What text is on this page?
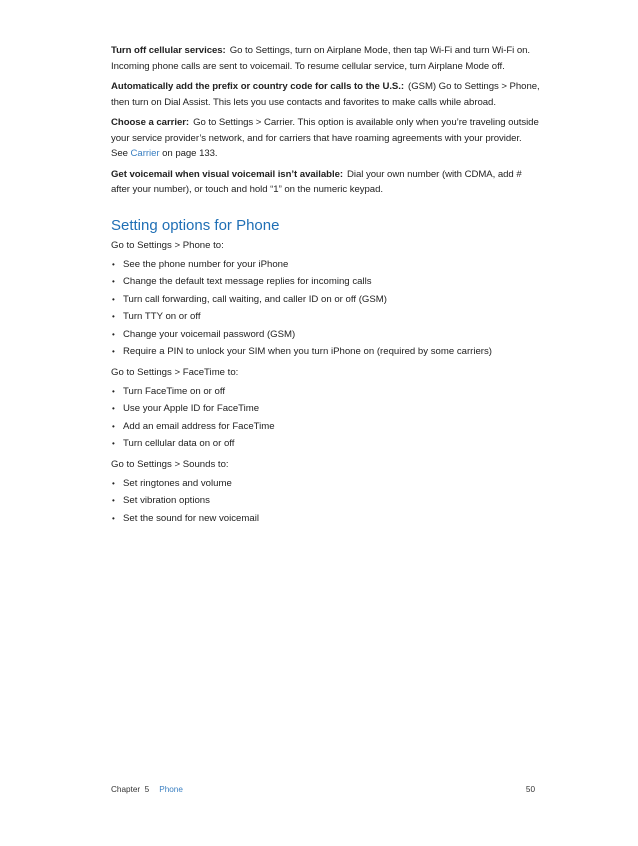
Turn off cellular services: Go to Settings, turn on Airplane Mode, then tap Wi-Fi and turn Wi-Fi on. Incoming phone calls are sent to voicemail. To resume cellular service, turn Airplane Mode off.

Automatically add the prefix or country code for calls to the U.S.: (GSM) Go to Settings > Phone, then turn on Dial Assist. This lets you use contacts and favorites to make calls while abroad.

Choose a carrier: Go to Settings > Carrier. This option is available only when you’re traveling outside your service provider’s network, and for carriers that have roaming agreements with your provider. See Carrier on page 133.

Get voicemail when visual voicemail isn’t available: Dial your own number (with CDMA, add # after your number), or touch and hold “1” on the numeric keypad.

Setting options for Phone

Go to Settings > Phone to:

• See the phone number for your iPhone
• Change the default text message replies for incoming calls
• Turn call forwarding, call waiting, and caller ID on or off (GSM)
• Turn TTY on or off
• Change your voicemail password (GSM)
• Require a PIN to unlock your SIM when you turn iPhone on (required by some carriers)

Go to Settings > FaceTime to:

• Turn FaceTime on or off
• Use your Apple ID for FaceTime
• Add an email address for FaceTime
• Turn cellular data on or off

Go to Settings > Sounds to:

• Set ringtones and volume
• Set vibration options
• Set the sound for new voicemail
Chapter  5 Phone	50
